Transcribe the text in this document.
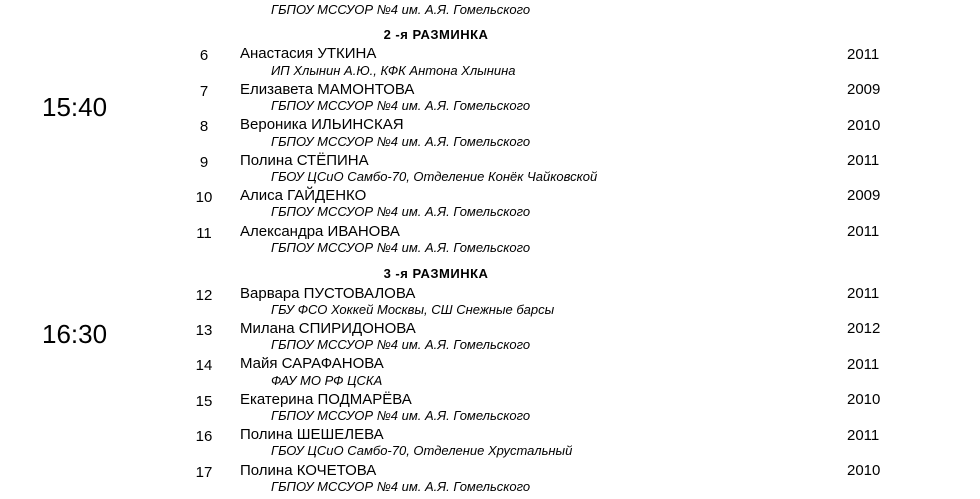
ГБПОУ МССУОР №4 им. А.Я. Гомельского
2 -я РАЗМИНКА
15:40
6	Анастасия УТКИНА
ИП Хлынин А.Ю., КФК Антона Хлынина
2011
7	Елизавета МАМОНТОВА
ГБПОУ МССУОР №4 им. А.Я. Гомельского
2009
8	Вероника ИЛЬИНСКАЯ
ГБПОУ МССУОР №4 им. А.Я. Гомельского
2010
9	Полина СТЁПИНА
ГБОУ ЦСиО Самбо-70, Отделение Конёк Чайковской
2011
10	Алиса ГАЙДЕНКО
ГБПОУ МССУОР №4 им. А.Я. Гомельского
2009
11	Александра ИВАНОВА
ГБПОУ МССУОР №4 им. А.Я. Гомельского
2011
3 -я РАЗМИНКА
16:30
12	Варвара ПУСТОВАЛОВА
ГБУ ФСО Хоккей Москвы, СШ Снежные барсы
2011
13	Милана СПИРИДОНОВА
ГБПОУ МССУОР №4 им. А.Я. Гомельского
2012
14	Майя САРАФАНОВА
ФАУ МО РФ ЦСКА
2011
15	Екатерина ПОДМАРЁВА
ГБПОУ МССУОР №4 им. А.Я. Гомельского
2010
16	Полина ШЕШЕЛЕВА
ГБОУ ЦСиО Самбо-70, Отделение Хрустальный
2011
17	Полина КОЧЕТОВА
ГБПОУ МССУОР №4 им. А.Я. Гомельского
2010
